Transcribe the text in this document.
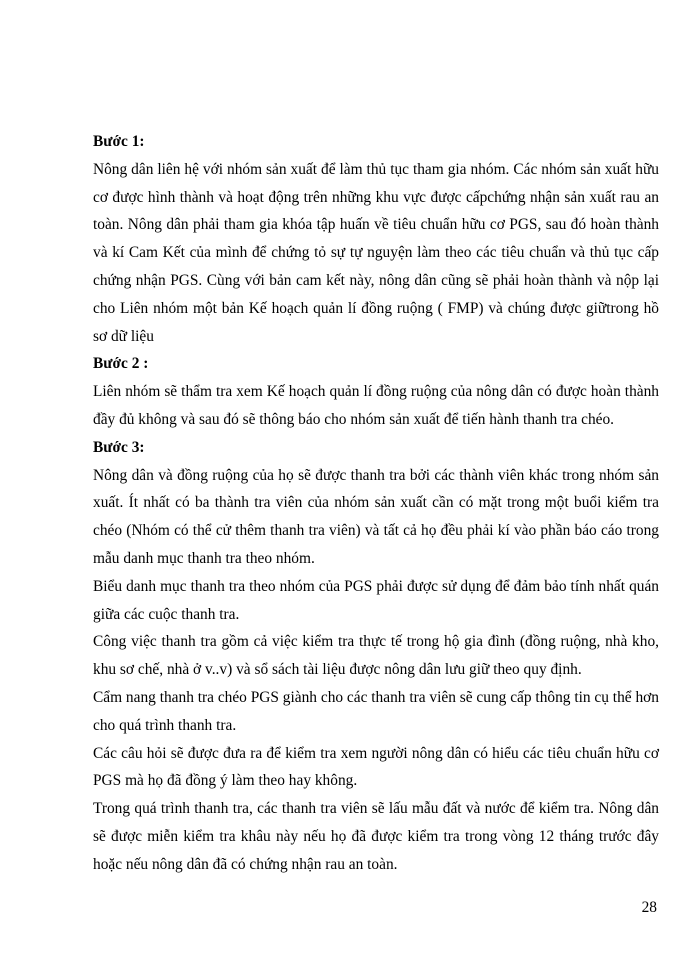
Bước 1:

Nông dân liên hệ với nhóm sản xuất để làm thủ tục tham gia nhóm. Các nhóm sản xuất hữu cơ được hình thành và hoạt động trên những khu vực được cấpchứng nhận sản xuất rau an toàn. Nông dân phải tham gia khóa tập huấn về tiêu chuẩn hữu cơ PGS, sau đó hoàn thành và kí Cam Kết của mình để chứng tỏ sự tự nguyện làm theo các tiêu chuẩn và thủ tục cấp chứng nhận PGS. Cùng với bản cam kết này, nông dân cũng sẽ phải hoàn thành và nộp lại cho Liên nhóm một bản Kế hoạch quản lí đồng ruộng ( FMP) và chúng được giữtrong hồ sơ dữ liệu

Bước 2 :

Liên nhóm sẽ thẩm tra xem Kế hoạch quản lí đồng ruộng của nông dân có được hoàn thành đầy đủ không và sau đó sẽ thông báo cho nhóm sản xuất để tiến hành thanh tra chéo.

Bước 3:

Nông dân và đồng ruộng của họ sẽ được thanh tra bởi các thành viên khác trong nhóm sản xuất. Ít nhất có ba thành tra viên của nhóm sản xuất cần có mặt trong một buổi kiểm tra chéo (Nhóm có thể cử thêm thanh tra viên) và tất cả họ đều phải kí vào phần báo cáo trong mẫu danh mục thanh tra theo nhóm.

Biểu danh mục thanh tra theo nhóm của PGS phải được sử dụng để đảm bảo tính nhất quán giữa các cuộc thanh tra.

Công việc thanh tra gồm cả việc kiểm tra thực tế trong hộ gia đình (đồng ruộng, nhà kho, khu sơ chế, nhà ở v..v) và sổ sách tài liệu được nông dân lưu giữ theo quy định.

Cẩm nang thanh tra chéo PGS giành cho các thanh tra viên sẽ cung cấp thông tin cụ thể hơn cho quá trình thanh tra.

Các câu hỏi sẽ được đưa ra để kiểm tra xem người nông dân có hiểu các tiêu chuẩn hữu cơ PGS mà họ đã đồng ý làm theo hay không.

Trong quá trình thanh tra, các thanh tra viên sẽ lấu mẫu đất và nước để kiểm tra. Nông dân sẽ được miễn kiểm tra khâu này nếu họ đã được kiểm tra trong vòng 12 tháng trước đây hoặc nếu nông dân đã có chứng nhận rau an toàn.

28
